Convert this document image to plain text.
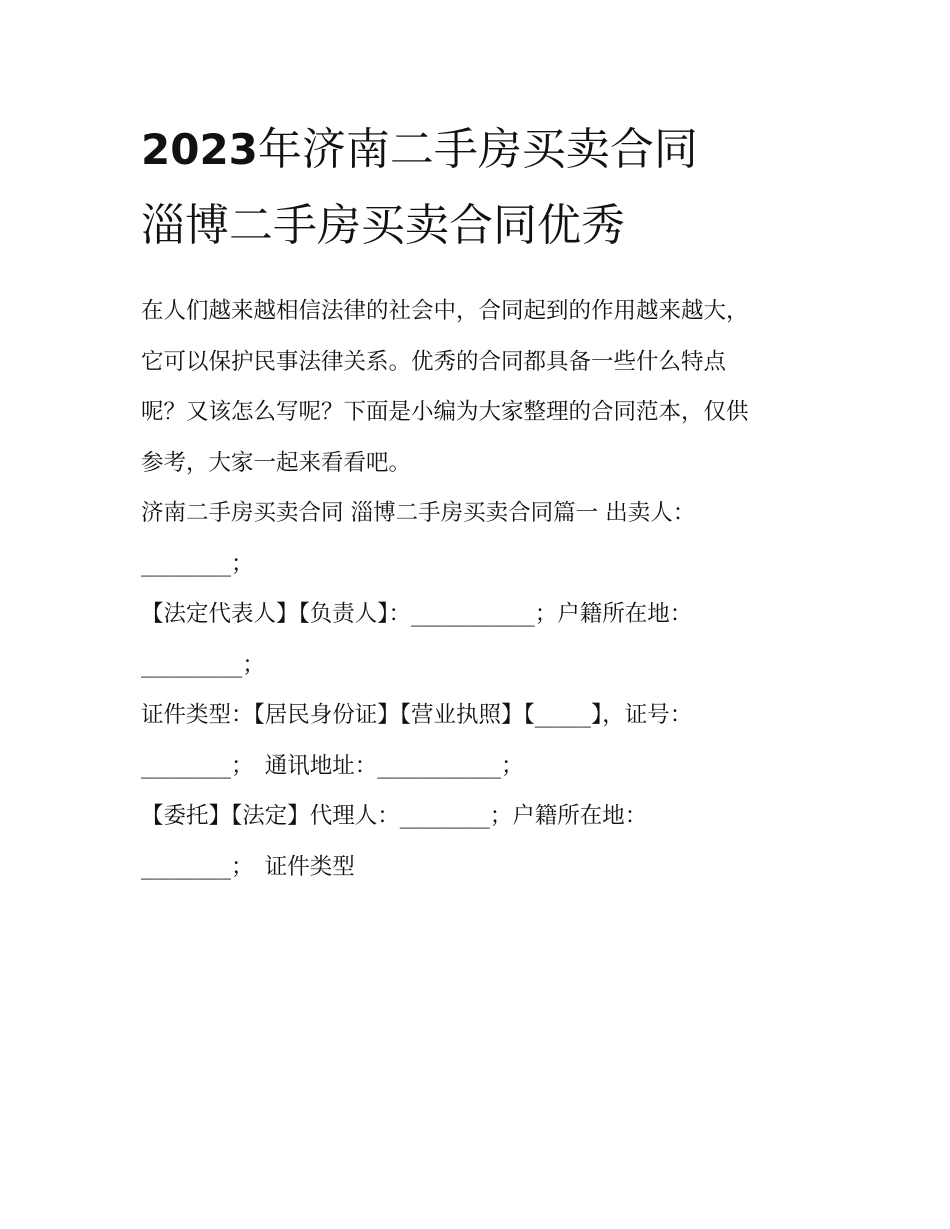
2023年济南二手房买卖合同
淄博二手房买卖合同优秀

在人们越来越相信法律的社会中，合同起到的作用越来越大，

它可以保护民事法律关系。优秀的合同都具备一些什么特点

呢？又该怎么写呢？下面是小编为大家整理的合同范本，仅供

参考，大家一起来看看吧。

济南二手房买卖合同 淄博二手房买卖合同篇一 出卖人：

________；

【法定代表人】【负责人】：___________；户籍所在地：

_________；

证件类型：【居民身份证】【营业执照】【_____】，证号：

________；　通讯地址：___________；

【委托】【法定】代理人：________；户籍所在地：

________；　证件类型
